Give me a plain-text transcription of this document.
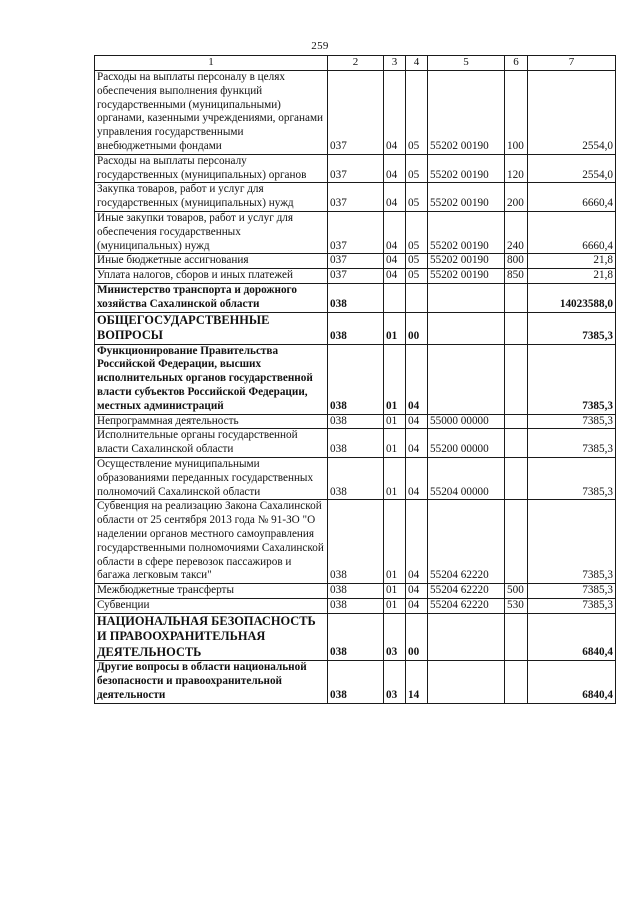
259
1	2	3	4	5	6	7
Расходы на выплаты персоналу в целях обеспечения выполнения функций государственными (муниципальными) органами, казенными учреждениями, органами управления государственными внебюджетными фондами	037	04	05	55202 00190	100	2554,0
Расходы на выплаты персоналу государственных (муниципальных) органов	037	04	05	55202 00190	120	2554,0
Закупка товаров, работ и услуг для государственных (муниципальных) нужд	037	04	05	55202 00190	200	6660,4
Иные закупки товаров, работ и услуг для обеспечения государственных (муниципальных) нужд	037	04	05	55202 00190	240	6660,4
Иные бюджетные ассигнования	037	04	05	55202 00190	800	21,8
Уплата налогов, сборов и иных платежей	037	04	05	55202 00190	850	21,8
Министерство транспорта и дорожного хозяйства Сахалинской области	038					14023588,0
ОБЩЕГОСУДАРСТВЕННЫЕ ВОПРОСЫ	038	01	00			7385,3
Функционирование Правительства Российской Федерации, высших исполнительных органов государственной власти субъектов Российской Федерации, местных администраций	038	01	04			7385,3
Непрограммная деятельность	038	01	04	55000 00000		7385,3
Исполнительные органы государственной власти Сахалинской области	038	01	04	55200 00000		7385,3
Осуществление муниципальными образованиями переданных государственных полномочий Сахалинской области	038	01	04	55204 00000		7385,3
Субвенция на реализацию Закона Сахалинской области от 25 сентября 2013 года № 91-ЗО "О наделении органов местного самоуправления государственными полномочиями Сахалинской области в сфере перевозок пассажиров и багажа легковым такси"	038	01	04	55204 62220		7385,3
Межбюджетные трансферты	038	01	04	55204 62220	500	7385,3
Субвенции	038	01	04	55204 62220	530	7385,3
НАЦИОНАЛЬНАЯ БЕЗОПАСНОСТЬ И ПРАВООХРАНИТЕЛЬНАЯ ДЕЯТЕЛЬНОСТЬ	038	03	00			6840,4
Другие вопросы в области национальной безопасности и правоохранительной деятельности	038	03	14			6840,4
